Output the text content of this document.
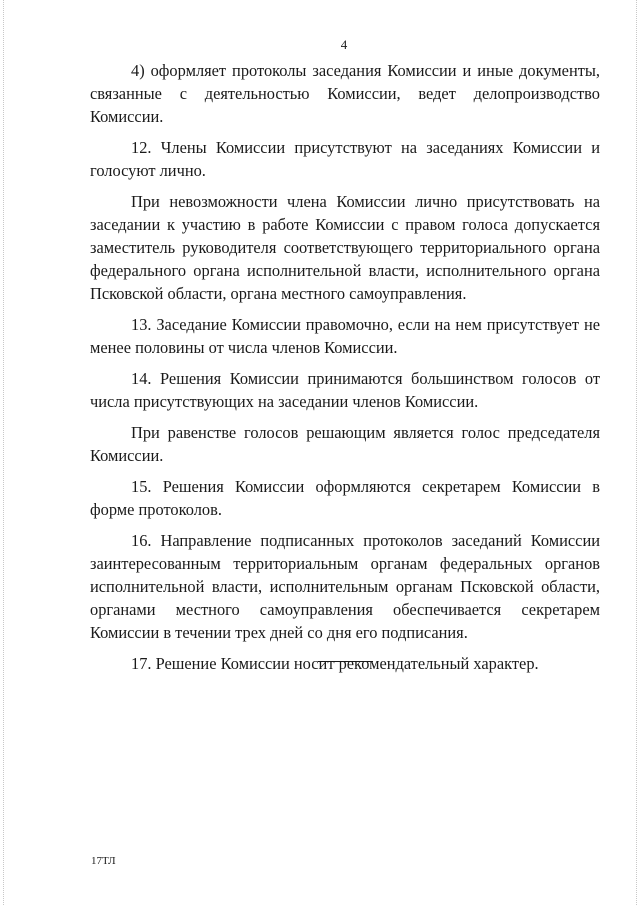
4

4) оформляет протоколы заседания Комиссии и иные документы, связанные с деятельностью Комиссии, ведет делопроизводство Комиссии.

12. Члены Комиссии присутствуют на заседаниях Комиссии и голосуют лично.

При невозможности члена Комиссии лично присутствовать на заседании к участию в работе Комиссии с правом голоса допускается заместитель руководителя соответствующего территориального органа федерального органа исполнительной власти, исполнительного органа Псковской области, органа местного самоуправления.

13. Заседание Комиссии правомочно, если на нем присутствует не менее половины от числа членов Комиссии.

14. Решения Комиссии принимаются большинством голосов от числа присутствующих на заседании членов Комиссии.

При равенстве голосов решающим является голос председателя Комиссии.

15. Решения Комиссии оформляются секретарем Комиссии в форме протоколов.

16. Направление подписанных протоколов заседаний Комиссии заинтересованным территориальным органам федеральных органов исполнительной власти, исполнительным органам Псковской области, органами местного самоуправления обеспечивается секретарем Комиссии в течении трех дней со дня его подписания.

17. Решение Комиссии носит рекомендательный характер.

17ТЛ
